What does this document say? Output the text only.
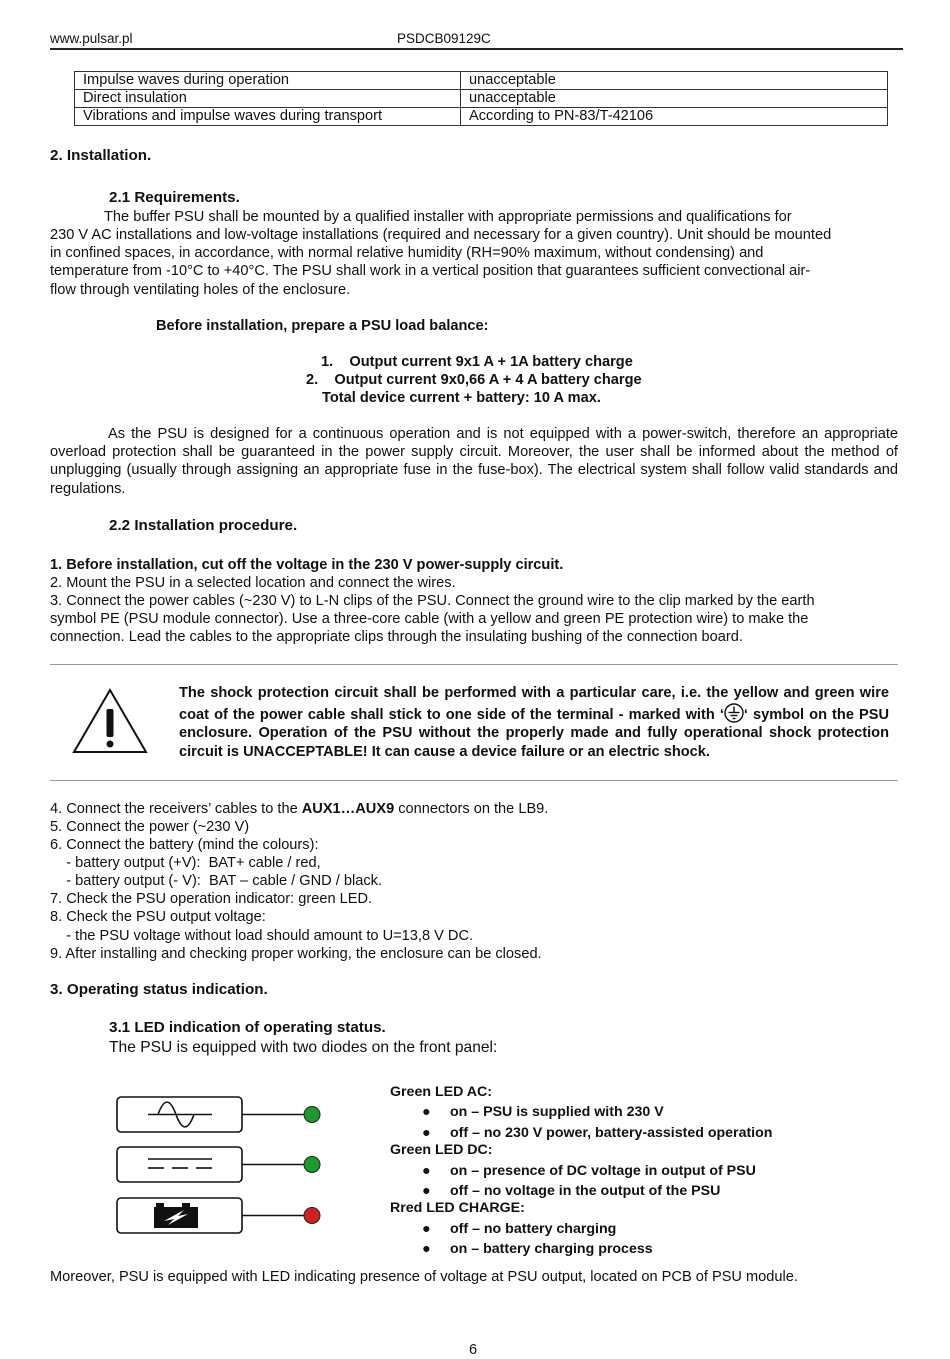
www.pulsar.pl	PSDCB09129C
Impulse waves during operation	unacceptable
Direct insulation	unacceptable
Vibrations and impulse waves during transport	According to PN-83/T-42106
2. Installation.
2.1 Requirements.
The buffer PSU shall be mounted by a qualified installer with appropriate permissions and qualifications for
230 V AC installations and low-voltage installations (required and necessary for a given country). Unit should be mounted
in confined spaces, in accordance, with normal relative humidity (RH=90% maximum, without condensing) and
temperature from -10°C to +40°C. The PSU shall work in a vertical position that guarantees sufficient convectional air-
flow through ventilating holes of the enclosure.
Before installation, prepare a PSU load balance:
1.    Output current 9x1 A + 1A battery charge
2.    Output current 9x0,66 A + 4 A battery charge
Total device current + battery: 10 A max.
As the PSU is designed for a continuous operation and is not equipped with a power-switch, therefore an appropriate overload protection shall be guaranteed in the power supply circuit. Moreover, the user shall be informed about the method of unplugging (usually through assigning an appropriate fuse in the fuse-box). The electrical system shall follow valid standards and regulations.
2.2 Installation procedure.
1. Before installation, cut off the voltage in the 230 V power-supply circuit.
2. Mount the PSU in a selected location and connect the wires.
3. Connect the power cables (~230 V) to L-N clips of the PSU. Connect the ground wire to the clip marked by the earth
symbol PE (PSU module connector). Use a three-core cable (with a yellow and green PE protection wire) to make the
connection. Lead the cables to the appropriate clips through the insulating bushing of the connection board.
The shock protection circuit shall be performed with a particular care, i.e. the yellow and green wire coat of the power cable shall stick to one side of the terminal - marked with ‘ ‘ symbol on the PSU enclosure. Operation of the PSU without the properly made and fully operational shock protection circuit is UNACCEPTABLE! It can cause a device failure or an electric shock.
4. Connect the receivers’ cables to the AUX1…AUX9 connectors on the LB9.
5. Connect the power (~230 V)
6. Connect the battery (mind the colours):
- battery output (+V):  BAT+ cable / red,
- battery output (- V):  BAT – cable / GND / black.
7. Check the PSU operation indicator: green LED.
8. Check the PSU output voltage:
- the PSU voltage without load should amount to U=13,8 V DC.
9. After installing and checking proper working, the enclosure can be closed.
3. Operating status indication.
3.1 LED indication of operating status.
The PSU is equipped with two diodes on the front panel:
Green LED AC:
● on – PSU is supplied with 230 V
● off – no 230 V power, battery-assisted operation
Green LED DC:
● on – presence of DC voltage in output of PSU
● off – no voltage in the output of the PSU
Rred LED CHARGE:
● off – no battery charging
● on – battery charging process
Moreover, PSU is equipped with LED indicating presence of voltage at PSU output, located on PCB of PSU module.
6
